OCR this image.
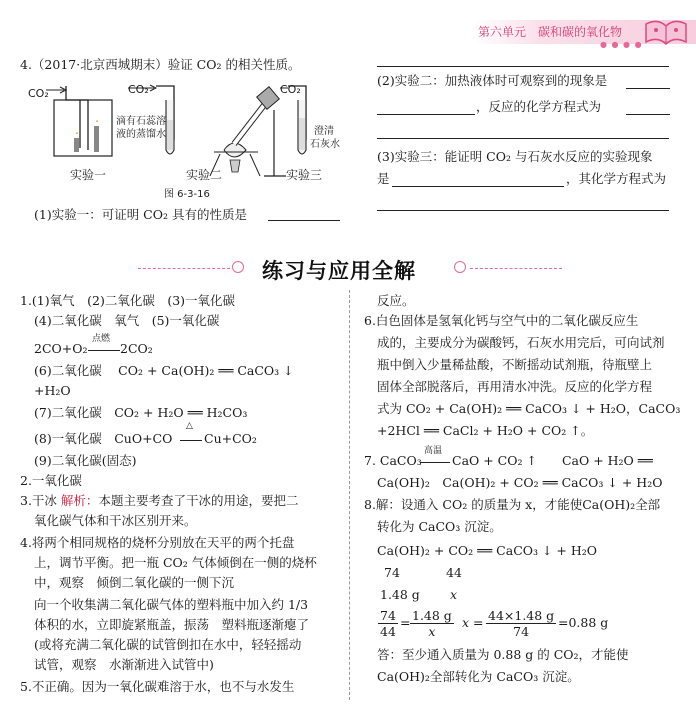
第六单元　碳和碳的氧化物
● ● ● ●
4.（2017·北京西城期末）验证 CO₂ 的相关性质。
CO₂	CO₂	CO₂
滴有石蕊溶
液的蒸馏水	澄清
石灰水
实验一	实验二	实验三
图 6-3-16
(1)实验一：可证明 CO₂ 具有的性质是
(2)实验二：加热液体时可观察到的现象是
，反应的化学方程式为
(3)实验三：能证明 CO₂ 与石灰水反应的实验现象
是	，其化学方程式为
练习与应用全解
1.(1)氧气　(2)二氧化碳　(3)一氧化碳
(4)二氧化碳　氧气　(5)一氧化碳
2CO+O₂
点燃
2CO₂
(6)二氧化碳　 CO₂ + Ca(OH)₂ ══ CaCO₃ ↓
+H₂O
(7)二氧化碳　CO₂ + H₂O ══ H₂CO₃
(8)一氧化碳　CuO+CO
△
Cu+CO₂
(9)二氧化碳(固态)
2.一氧化碳
3.干冰 解析：本题主要考查了干冰的用途，要把二
氧化碳气体和干冰区别开来。
4.将两个相同规格的烧杯分别放在天平的两个托盘
上，调节平衡。把一瓶 CO₂ 气体倾倒在一侧的烧杯
中，观察　倾倒二氧化碳的一侧下沉
向一个收集满二氧化碳气体的塑料瓶中加入约 1/3
体积的水，立即旋紧瓶盖，振荡　塑料瓶逐渐瘪了
(或将充满二氧化碳的试管倒扣在水中，轻轻摇动
试管，观察　水渐渐进入试管中)
5.不正确。因为一氧化碳难溶于水，也不与水发生
反应。
6.白色固体是氢氧化钙与空气中的二氧化碳反应生
成的，主要成分为碳酸钙，石灰水用完后，可向试剂
瓶中倒入少量稀盐酸，不断摇动试剂瓶，待瓶壁上
固体全部脱落后，再用清水冲洗。反应的化学方程
式为 CO₂ + Ca(OH)₂ ══ CaCO₃ ↓ + H₂O，CaCO₃
+2HCl ══ CaCl₂ + H₂O + CO₂ ↑。
7. CaCO₃
高温
CaO + CO₂ ↑　　CaO + H₂O ══
Ca(OH)₂　Ca(OH)₂ + CO₂ ══ CaCO₃ ↓ + H₂O
8.解：设通入 CO₂ 的质量为 x，才能使Ca(OH)₂全部
转化为 CaCO₃ 沉淀。
Ca(OH)₂ + CO₂ ══ CaCO₃ ↓ + H₂O
74	44
1.48 g x
$\frac{74}{44} = \frac{1.48 g}{x}$ $x = \frac{44\times 1.48 g}{74} =0.88$ g
答：至少通入质量为 0.88 g 的 CO₂，才能使
Ca(OH)₂全部转化为 CaCO₃ 沉淀。
